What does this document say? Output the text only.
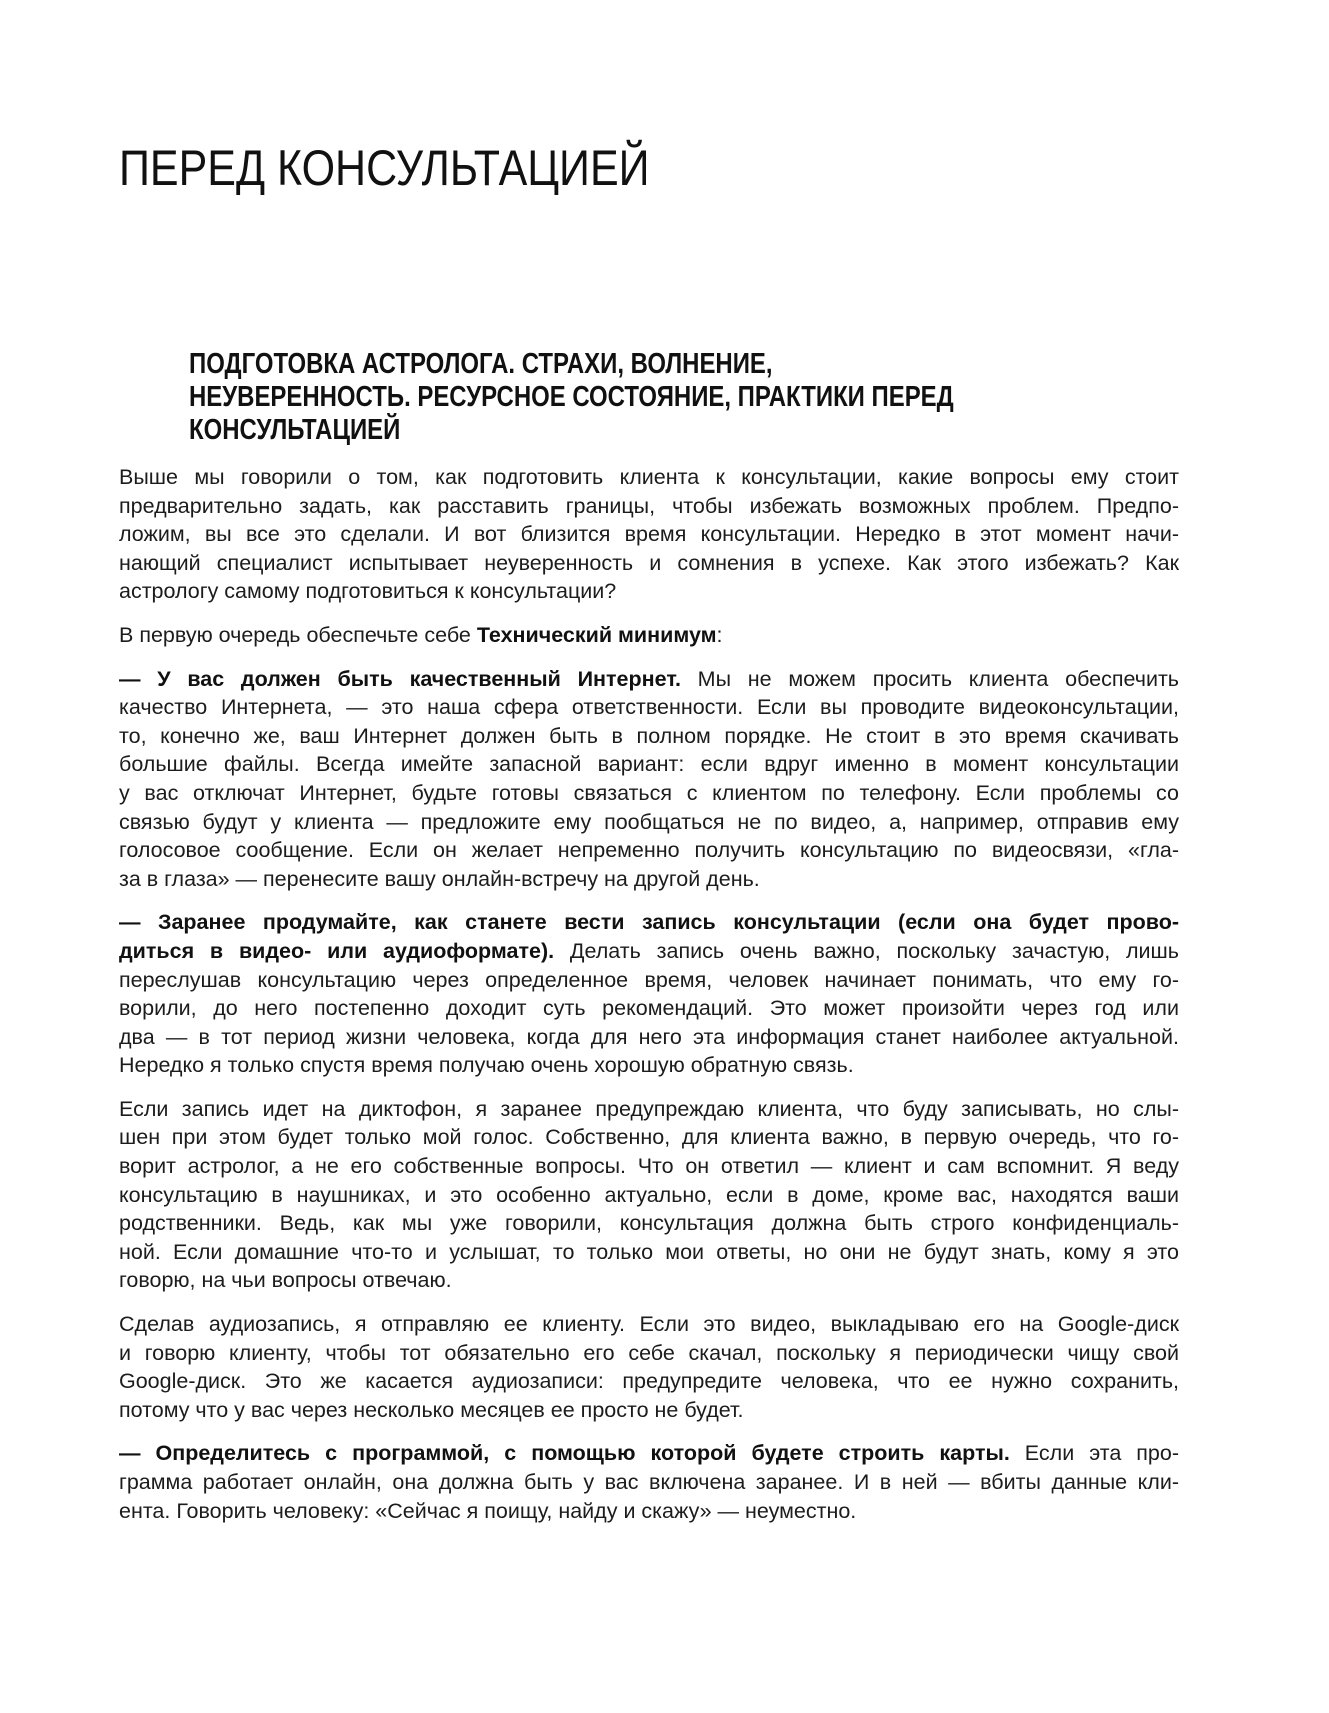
ПЕРЕД КОНСУЛЬТАЦИЕЙ
ПОДГОТОВКА АСТРОЛОГА. СТРАХИ, ВОЛНЕНИЕ,
НЕУВЕРЕННОСТЬ. РЕСУРСНОЕ СОСТОЯНИЕ, ПРАКТИКИ ПЕРЕД
КОНСУЛЬТАЦИЕЙ

Выше мы говорили о том, как подготовить клиента к консультации, какие вопросы ему стоит
предварительно задать, как расставить границы, чтобы избежать возможных проблем. Предпо-
ложим, вы все это сделали. И вот близится время консультации. Нередко в этот момент начи-
нающий специалист испытывает неуверенность и сомнения в успехе. Как этого избежать? Как
астрологу самому подготовиться к консультации?

В первую очередь обеспечьте себе Технический минимум:

— У вас должен быть качественный Интернет. Мы не можем просить клиента обеспечить
качество Интернета, — это наша сфера ответственности. Если вы проводите видеоконсультации,
то, конечно же, ваш Интернет должен быть в полном порядке. Не стоит в это время скачивать
большие файлы. Всегда имейте запасной вариант: если вдруг именно в момент консультации
у вас отключат Интернет, будьте готовы связаться с клиентом по телефону. Если проблемы со
связью будут у клиента — предложите ему пообщаться не по видео, а, например, отправив ему
голосовое сообщение. Если он желает непременно получить консультацию по видеосвязи, «гла-
за в глаза» — перенесите вашу онлайн-встречу на другой день.

— Заранее продумайте, как станете вести запись консультации (если она будет прово-
диться в видео- или аудиоформате). Делать запись очень важно, поскольку зачастую, лишь
переслушав консультацию через определенное время, человек начинает понимать, что ему го-
ворили, до него постепенно доходит суть рекомендаций. Это может произойти через год или
два — в тот период жизни человека, когда для него эта информация станет наиболее актуальной.
Нередко я только спустя время получаю очень хорошую обратную связь.

Если запись идет на диктофон, я заранее предупреждаю клиента, что буду записывать, но слы-
шен при этом будет только мой голос. Собственно, для клиента важно, в первую очередь, что го-
ворит астролог, а не его собственные вопросы. Что он ответил — клиент и сам вспомнит. Я веду
консультацию в наушниках, и это особенно актуально, если в доме, кроме вас, находятся ваши
родственники. Ведь, как мы уже говорили, консультация должна быть строго конфиденциаль-
ной. Если домашние что-то и услышат, то только мои ответы, но они не будут знать, кому я это
говорю, на чьи вопросы отвечаю.

Сделав аудиозапись, я отправляю ее клиенту. Если это видео, выкладываю его на Google-диск
и говорю клиенту, чтобы тот обязательно его себе скачал, поскольку я периодически чищу свой
Google-диск. Это же касается аудиозаписи: предупредите человека, что ее нужно сохранить,
потому что у вас через несколько месяцев ее просто не будет.

— Определитесь с программой, с помощью которой будете строить карты. Если эта про-
грамма работает онлайн, она должна быть у вас включена заранее. И в ней — вбиты данные кли-
ента. Говорить человеку: «Сейчас я поищу, найду и скажу» — неуместно.
